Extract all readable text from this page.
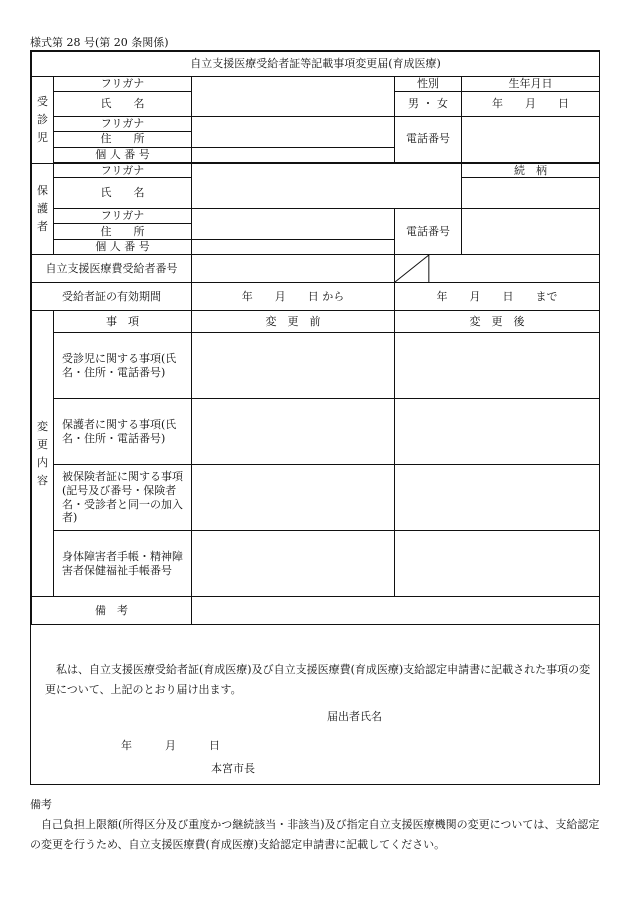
様式第 28 号(第 20 条関係)
自立支援医療受給者証等記載事項変更届(育成医療)				

受
診
児	フリガナ		性別	生年月日
	氏　　名		男 ・ 女	年　　月　　日
	フリガナ		電話番号	
	住　　所			
	個 人 番 号			

保
護
者	フリガナ			続　柄
	氏　　名			
	フリガナ		電話番号	
	住　　所			
	個 人 番 号			
自立支援医療費受給者番号	

受給者証の有効期間		年　　月　　日 から	年　　月　　日　　まで	

変
更
内
容	事　項	変　更　前	変　更　後	
	受診児に関する事項(氏名・住所・電話番号)			
	保護者に関する事項(氏名・住所・電話番号)			
	被保険者証に関する事項(記号及び番号・保険者名・受診者と同一の加入者)			
	身体障害者手帳・精神障害者保健福祉手帳番号			
備　考				

私は、自立支援医療受給者証(育成医療)及び自立支援医療費(育成医療)支給認定申請書に記載された事項の変更について、上記のとおり届け出ます。

届出者氏名
年　　　月　　　日
本宮市長
備考
自己負担上限額(所得区分及び重度かつ継続該当・非該当)及び指定自立支援医療機関の変更については、支給認定の変更を行うため、自立支援医療費(育成医療)支給認定申請書に記載してください。
